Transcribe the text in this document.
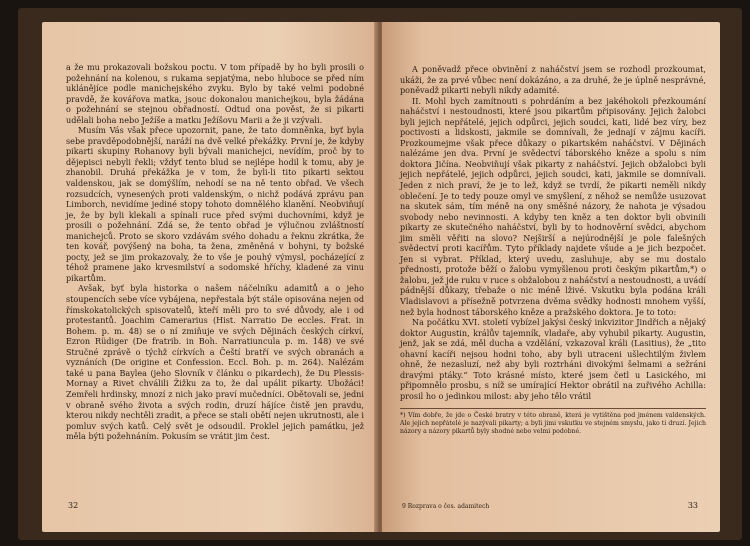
a že mu prokazovali božskou poctu. V tom případě by ho byli prosili o požehnání na kolenou, s rukama sepjatýma, nebo hluboce se před ním uklánějíce podle manichejského zvyku. Bylo by také velmi podobné pravdě, že kovářova matka, jsouc dokonalou manichejkou, byla žádána o požehnání se stejnou obřadností. Odtud ona pověst, že si pikarti udělali boha nebo Ježíše a matku Ježíšovu Marii a že ji vzývali.

Musím Vás však přece upozornit, pane, že tato domněnka, byť byla sebe pravděpodobnější, naráží na dvě velké překážky. První je, že kdyby pikarti skupiny Rohanovy byli bývali manichejci, nevídím, proč by to dějepisci nebyli řekli; vždyť tento blud se nejlépe hodil k tomu, aby je zhanobil. Druhá překážka je v tom, že byli-li tito pikarti sektou valdenskou, jak se domýšlím, nehodí se na ně tento obřad. Ve všech rozsudcích, vynesených proti valdenským, o nichž podává zprávu pan Limborch, nevidíme jediné stopy tohoto domnělého klanění. Neobviňují je, že by byli klekali a spínali ruce před svými duchovními, když je prosili o požehnání. Zdá se, že tento obřad je výlučnou zvláštností manichejců. Proto se skoro vzdávám svého dohadu a řeknu zkrátka, že ten kovář, povýšený na boha, ta žena, změněná v bohyni, ty božské pocty, jež se jim prokazovaly, že to vše je pouhý výmysl, pocházející z téhož pramene jako krvesmilství a sodomské hříchy, kladené za vinu pikartům.

Avšak, byť byla historka o našem náčelníku adamitů a o jeho stoupencích sebe více vybájena, nepřestala být stále opisována nejen od římskokatolických spisovatelů, kteří měli pro to své důvody, ale i od protestantů. Joachim Camerarius (Hist. Narratio De eccles. Frat. in Bohem. p. m. 48) se o ní zmiňuje ve svých Dějinách českých církví, Ezron Rüdiger (De fratrib. in Boh. Narratiuncula p. m. 148) ve své Stručné zprávě o týchž církvích a Čeští bratří ve svých obranách a vyznáních (De origine et Confession. Eccl. Boh. p. m. 264). Nalézám také u pana Baylea (jeho Slovník v článku o pikardech), že Du Plessis-Mornay a Rivet chválili Žižku za to, že dal upálit pikarty. Ubožáci! Zemřeli hrdinsky, mnozí z nich jako praví mučedníci. Obětovali se, jedni v obraně svého života a svých rodin, druzí hájíce čistě jen pravdu, kterou nikdy nechtěli zradit, a přece se stali obětí nejen ukrutnosti, ale i pomluv svých katů. Celý svět je odsoudil. Proklel jejich památku, jež měla býti požehnáním. Pokusím se vrátit jim čest.

32

A poněvadž přece obvinění z naháčství jsem se rozhodl prozkoumat, ukáži, že za prvé vůbec není dokázáno, a za druhé, že je úplně nesprávné, poněvadž pikarti nebyli nikdy adamité.

II. Mohl bych zamítnouti s pohrdáním a bez jakéhokoli přezkoumání naháčství i nestoudnosti, které jsou pikartům připisovány. Jejich žalobci byli jejich nepřátelé, jejich odpůrci, jejich soudci, kati, lidé bez víry, bez poctivosti a lidskosti, jakmile se domnívali, že jednají v zájmu kacíři. Prozkoumejme však přece důkazy o pikartském naháčství. V Dějinách nalézáme jen dva. První je svědectví táborského kněze a spolu s ním doktora Jičína. Neobviňují však pikarty z naháčství. Jejich obžalobci byli jejich nepřátelé, jejich odpůrci, jejich soudci, kati, jakmile se domnívali. Jeden z nich praví, že je to lež, když se tvrdí, že pikarti neměli nikdy oblečení. Je to tedy pouze omyl ve smyšlení, z něhož se nemůže usuzovat na skutek sám, tím méně na ony směšné názory, že nahota je výsadou svobody nebo nevinnosti. A kdyby ten kněz a ten doktor byli obvinili pikarty ze skutečného naháčství, byli by to hodnověrní svědci, abychom jim směli věřiti na slovo? Nejširší a nejúrodnější je pole falešných svědectví proti kacířům. Tyto příklady najdete všude a je jich bezpočet. Jen si vybrat. Příklad, který uvedu, zasluhuje, aby se mu dostalo přednosti, protože běží o žalobu vymyšlenou proti českým pikartům,*) o žalobu, jež jde ruku v ruce s obžalobou z naháčství a nestoudnosti, a uvádí pádnější důkazy, třebaže o nic méně lživé. Vskutku byla podána králi Vladislavovi a přísežně potvrzena dvěma svědky hodnosti mnohem vyšší, než byla hodnost táborského kněze a pražského doktora. Je to toto:

Na počátku XVI. století vybízel jakýsi český inkvizitor Jindřich a nějaký doktor Augustin, králův tajemník, vladaře, aby vyhubil pikarty. Augustin, jenž, jak se zdá, měl ducha a vzdělání, vzkazoval králi (Lasitius), že „tito ohavní kacíři nejsou hodni toho, aby byli utraceni ušlechtilým živlem ohně, že nezasluzí, než aby byli roztrháni divokými šelmami a sežráni dravými ptáky.“ Toto krásné místo, které jsem četl u Lasického, mi připomnělo prosbu, s níž se umírající Hektor obrátil na zuřivého Achilla: prosil ho o jedinkou milost: aby jeho tělo vrátil

*) Vím dobře, že jde o České bratry v této obraně, která je vytištěna pod jménem valdenských. Ale jejich nepřátelé je nazývali pikarty; a byli jimi vskutku ve stejném smyslu, jako ti druzí. Jejich názory a názory pikartů byly shodné nebo velmi podobné.

9 Rozprava o čes. adamitech	33
